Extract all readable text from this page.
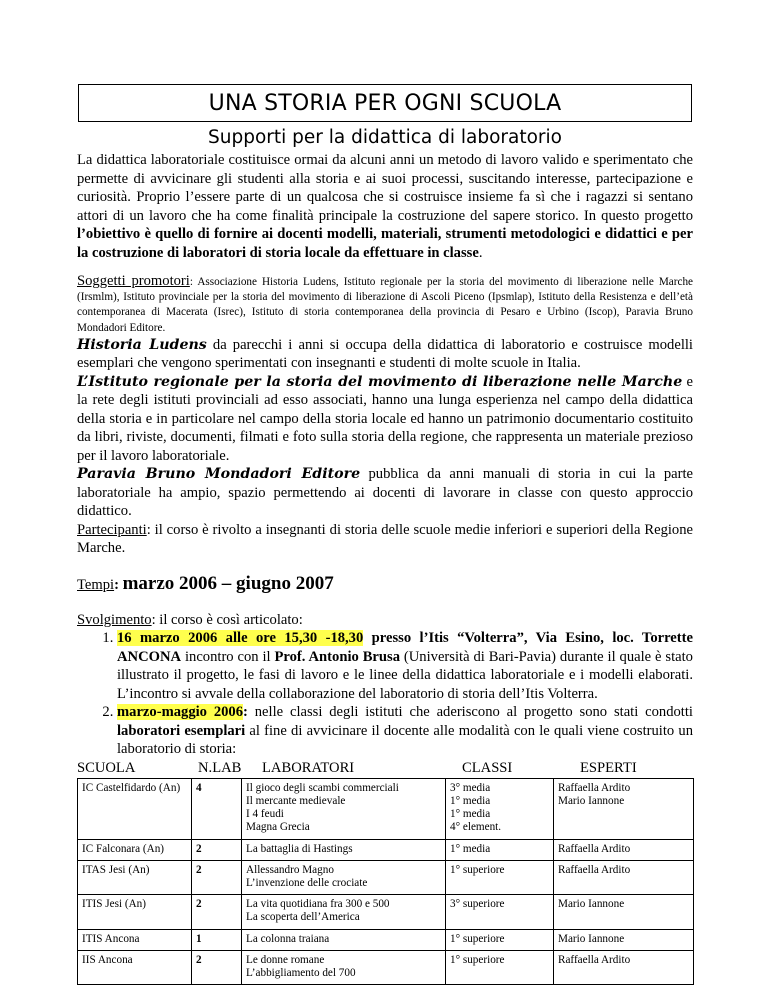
UNA STORIA PER OGNI SCUOLA
Supporti per la didattica di laboratorio

La didattica laboratoriale costituisce ormai da alcuni anni un metodo di lavoro valido e sperimentato che permette di avvicinare gli studenti alla storia e ai suoi processi, suscitando interesse, partecipazione e curiosità. Proprio l’essere parte di un qualcosa che si costruisce insieme fa sì che i ragazzi si sentano attori di un lavoro che ha come finalità principale la costruzione del sapere storico. In questo progetto l’obiettivo è quello di fornire ai docenti modelli, materiali, strumenti metodologici e didattici e per la costruzione di laboratori di storia locale da effettuare in classe.

Soggetti promotori: Associazione Historia Ludens, Istituto regionale per la storia del movimento di liberazione nelle Marche (Irsmlm), Istituto provinciale per la storia del movimento di liberazione di Ascoli Piceno (Ipsmlap), Istituto della Resistenza e dell’età contemporanea di Macerata (Isrec), Istituto di storia contemporanea della provincia di Pesaro e Urbino (Iscop), Paravia Bruno Mondadori Editore.

Historia Ludens da parecchi i anni si occupa della didattica di laboratorio e costruisce modelli esemplari che vengono sperimentati con insegnanti e studenti di molte scuole in Italia.

L’Istituto regionale per la storia del movimento di liberazione nelle Marche e la rete degli istituti provinciali ad esso associati, hanno una lunga esperienza nel campo della didattica della storia e in particolare nel campo della storia locale ed hanno un patrimonio documentario costituito da libri, riviste, documenti, filmati e foto sulla storia della regione, che rappresenta un materiale prezioso per il lavoro laboratoriale.

Paravia Bruno Mondadori Editore pubblica da anni manuali di storia in cui la parte laboratoriale ha ampio, spazio permettendo ai docenti di lavorare in classe con questo approccio didattico.

Partecipanti: il corso è rivolto a insegnanti di storia delle scuole medie inferiori e superiori della Regione Marche.

Tempi: marzo 2006 – giugno 2007

Svolgimento: il corso è così articolato:

1. 16 marzo 2006 alle ore 15,30 -18,30 presso l’Itis “Volterra”, Via Esino, loc. Torrette ANCONA incontro con il Prof. Antonio Brusa (Università di Bari-Pavia) durante il quale è stato illustrato il progetto, le fasi di lavoro e le linee della didattica laboratoriale e i modelli elaborati. L’incontro si avvale della collaborazione del laboratorio di storia dell’Itis Volterra.
2. marzo-maggio 2006: nelle classi degli istituti che aderiscono al progetto sono stati condotti laboratori esemplari al fine di avvicinare il docente alle modalità con le quali viene costruito un laboratorio di storia:
SCUOLA	N.LAB	LABORATORI	CLASSI	ESPERTI
IC Castelfidardo (An)	4	Il gioco degli scambi commerciali
Il mercante medievale
I 4 feudi
Magna Grecia	3° media
1° media
1° media
4° element.	Raffaella Ardito
Mario Iannone
IC Falconara (An)	2	La battaglia di Hastings	1° media	Raffaella Ardito
ITAS Jesi (An)	2	Allessandro Magno
L’invenzione delle crociate	1° superiore	Raffaella Ardito
ITIS Jesi (An)	2	La vita quotidiana fra 300 e 500
La scoperta dell’America	3° superiore	Mario Iannone
ITIS Ancona	1	La colonna traiana	1° superiore	Mario Iannone
IIS Ancona	2	Le donne romane
L’abbigliamento del 700	1° superiore	Raffaella Ardito
